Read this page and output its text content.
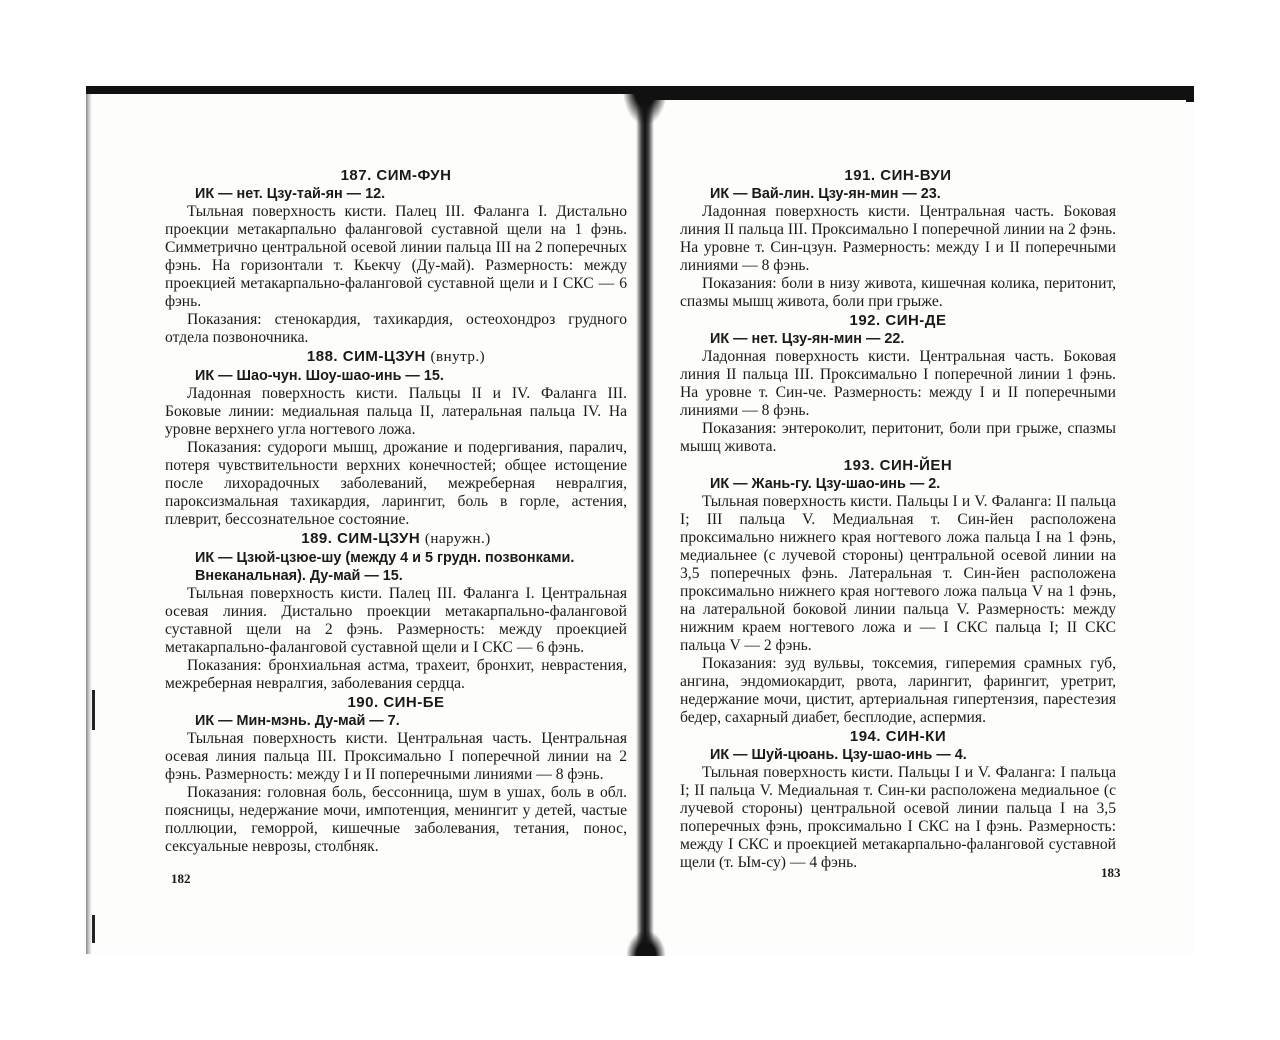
187. СИМ-ФУН

ИК — нет. Цзу-тай-ян — 12.

Тыльная поверхность кисти. Палец III. Фаланга I. Дистально проекции метакарпально фаланговой суставной щели на 1 фэнь. Симметрично центральной осевой линии пальца III на 2 поперечных фэнь. На горизонтали т. Кьекчу (Ду-май). Размерность: между проекцией метакарпально-фаланговой суставной щели и I СКС — 6 фэнь.

Показания: стенокардия, тахикардия, остеохондроз грудного отдела позвоночника.

188. СИМ-ЦЗУН (внутр.)

ИК — Шао-чун. Шоу-шао-инь — 15.

Ладонная поверхность кисти. Пальцы II и IV. Фаланга III. Боковые линии: медиальная пальца II, латеральная пальца IV. На уровне верхнего угла ногтевого ложа.

Показания: судороги мышц, дрожание и подергивания, паралич, потеря чувствительности верхних конечностей; общее истощение после лихорадочных заболеваний, межреберная невралгия, пароксизмальная тахикардия, ларингит, боль в горле, астения, плеврит, бессознательное состояние.

189. СИМ-ЦЗУН (наружн.)

ИК — Цзюй-цзюе-шу (между 4 и 5 грудн. позвонками. Внеканальная). Ду-май — 15.

Тыльная поверхность кисти. Палец III. Фаланга I. Центральная осевая линия. Дистально проекции метакарпально-фаланговой суставной щели на 2 фэнь. Размерность: между проекцией метакарпально-фаланговой суставной щели и I СКС — 6 фэнь.

Показания: бронхиальная астма, трахеит, бронхит, неврастения, межреберная невралгия, заболевания сердца.

190. СИН-БЕ

ИК — Мин-мэнь. Ду-май — 7.

Тыльная поверхность кисти. Центральная часть. Центральная осевая линия пальца III. Проксимально I поперечной линии на 2 фэнь. Размерность: между I и II поперечными линиями — 8 фэнь.

Показания: головная боль, бессонница, шум в ушах, боль в обл. поясницы, недержание мочи, импотенция, менингит у детей, частые поллюции, геморрой, кишечные заболевания, тетания, понос, сексуальные неврозы, столбняк.

182

191. СИН-ВУИ

ИК — Вай-лин. Цзу-ян-мин — 23.

Ладонная поверхность кисти. Центральная часть. Боковая линия II пальца III. Проксимально I поперечной линии на 2 фэнь. На уровне т. Син-цзун. Размерность: между I и II поперечными линиями — 8 фэнь.

Показания: боли в низу живота, кишечная колика, перитонит, спазмы мышц живота, боли при грыже.

192. СИН-ДЕ

ИК — нет. Цзу-ян-мин — 22.

Ладонная поверхность кисти. Центральная часть. Боковая линия II пальца III. Проксимально I поперечной линии 1 фэнь. На уровне т. Син-че. Размерность: между I и II поперечными линиями — 8 фэнь.

Показания: энтероколит, перитонит, боли при грыже, спазмы мышц живота.

193. СИН-ЙЕН

ИК — Жань-гу. Цзу-шао-инь — 2.

Тыльная поверхность кисти. Пальцы I и V. Фаланга: II пальца I; III пальца V. Медиальная т. Син-йен расположена проксимально нижнего края ногтевого ложа пальца I на 1 фэнь, медиальнее (с лучевой стороны) центральной осевой линии на 3,5 поперечных фэнь. Латеральная т. Син-йен расположена проксимально нижнего края ногтевого ложа пальца V на 1 фэнь, на латеральной боковой линии пальца V. Размерность: между нижним краем ногтевого ложа и — I СКС пальца I; II СКС пальца V — 2 фэнь.

Показания: зуд вульвы, токсемия, гиперемия срамных губ, ангина, эндомиокардит, рвота, ларингит, фарингит, уретрит, недержание мочи, цистит, артериальная гипертензия, парестезия бедер, сахарный диабет, бесплодие, аспермия.

194. СИН-КИ

ИК — Шуй-цюань. Цзу-шао-инь — 4.

Тыльная поверхность кисти. Пальцы I и V. Фаланга: I пальца I; II пальца V. Медиальная т. Син-ки расположена медиальное (с лучевой стороны) центральной осевой линии пальца I на 3,5 поперечных фэнь, проксимально I СКС на I фэнь. Размерность: между I СКС и проекцией метакарпально-фаланговой суставной щели (т. Ым-су) — 4 фэнь.

183
